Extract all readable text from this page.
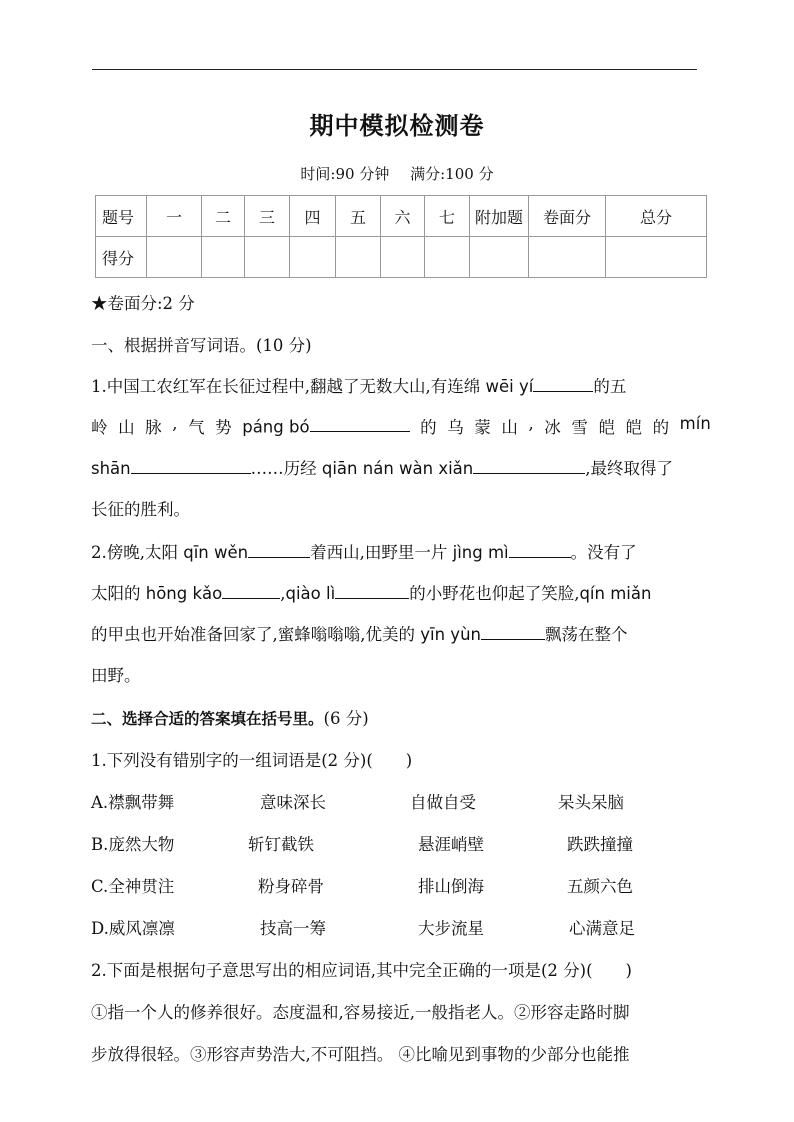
期中模拟检测卷
时间:90 分钟 满分:100 分
题号	一	二	三	四	五	六	七	附加题	卷面分	总分
得分										
★卷面分:2 分
一、根据拼音写词语。(10 分)
1.中国工农红军在长征过程中,翻越了无数大山,有连绵 wēi yí	的五
岭 山 脉 , 气 势 páng bó	的 乌 蒙 山 , 冰 雪 皑 皑 的 mín
shān	……历经 qiān nán wàn xiǎn	,最终取得了
长征的胜利。
2.傍晚,太阳 qīn wěn	着西山,田野里一片 jìng mì	。没有了
太阳的 hōng kǎo	,qiào lì	的小野花也仰起了笑脸,qín miǎn
的甲虫也开始准备回家了,蜜蜂嗡嗡嗡,优美的 yīn yùn	飘荡在整个
田野。
二、选择合适的答案填在括号里。(6 分)
1.下列没有错别字的一组词语是(2 分)(　　)
A.襟飘带舞	意味深长	自做自受	呆头呆脑
B.庞然大物	斩钉截铁	悬涯峭壁	跌跌撞撞
C.全神贯注	粉身碎骨	排山倒海	五颜六色
D.威风凛凛	技高一筹	大步流星	心满意足
2.下面是根据句子意思写出的相应词语,其中完全正确的一项是(2 分)(　　)
①指一个人的修养很好。态度温和,容易接近,一般指老人。②形容走路时脚
步放得很轻。③形容声势浩大,不可阻挡。 ④比喻见到事物的少部分也能推
